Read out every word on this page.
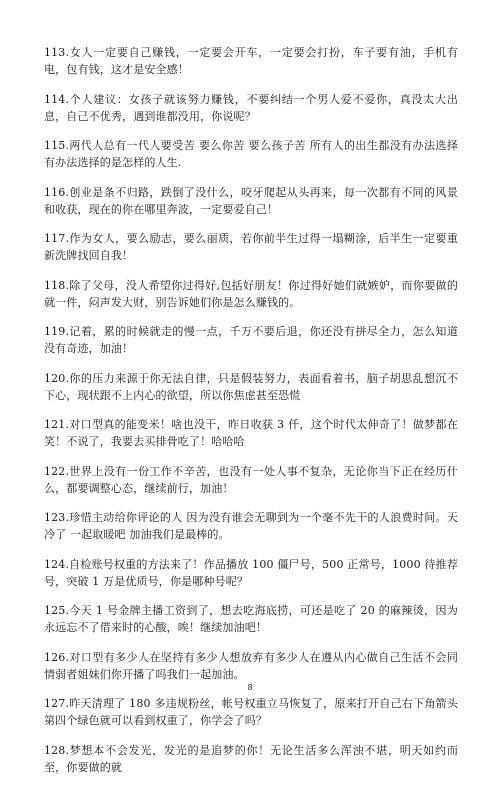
113.女人一定要自己赚钱，一定要会开车，一定要会打扮，车子要有油，手机有电，包有钱，这才是安全感！

114.个人建议：女孩子就该努力赚钱，不要纠结一个男人爱不爱你，真没太大出息，自己不优秀，遇到谁都没用，你说呢？

115.两代人总有一代人要受苦 要么你苦 要么孩子苦 所有人的出生都没有办法选择 有办法选择的是怎样的人生.

116.创业是条不归路，跌倒了没什么，咬牙爬起从头再来，每一次都有不同的风景和收获，现在的你在哪里奔波，一定要爱自己！

117.作为女人，要么励志，要么丽质，若你前半生过得一塌糊涂，后半生一定要重新洗牌找回自我！

118.除了父母，没人希望你过得好,包括好朋友！你过得好她们就嫉妒，而你要做的就一件，闷声发大财，别告诉她们你是怎么赚钱的。

119.记着，累的时候就走的慢一点，千万不要后退，你还没有拼尽全力，怎么知道没有奇迹，加油！

120.你的压力来源于你无法自律，只是假装努力，表面看着书，脑子胡思乱想沉不下心，现状跟不上内心的欲望，所以你焦虑甚至恐慌

121.对口型真的能变米！啥也没干，昨日收获 3 仟，这个时代太伸奇了！做梦都在笑！不说了，我要去买排骨吃了！哈哈哈

122.世界上没有一份工作不辛苦，也没有一处人事不复杂，无论你当下正在经历什么，都要调整心态，继续前行，加油！

123.珍惜主动给你评论的人 因为没有谁会无聊到为一个毫不先干的人浪费时间。天冷了 一起取暖吧 加油我们是最棒的。

124.自检账号权重的方法来了！作品播放 100 僵尸号，500 正常号，1000 待推荐号，突破 1 万是优质号，你是哪种号呢？

125.今天 1 号金牌主播工资到了，想去吃海底捞，可还是吃了 20 的麻辣烫，因为永远忘不了借来时的心酸，唉！继续加油吧！

126.对口型有多少人在坚持有多少人想放弃有多少人在遵从内心做自己生活不会同情弱者姐妹们你开播了吗我们一起加油。

127.昨天清理了 180 多违规粉丝，帐号权重立马恢复了，原来打开自己右下角箭头第四个绿色就可以看到权重了，你学会了吗？

128.梦想本不会发光，发光的是追梦的你！无论生活多么浑浊不堪，明天如约而至，你要做的就

8
